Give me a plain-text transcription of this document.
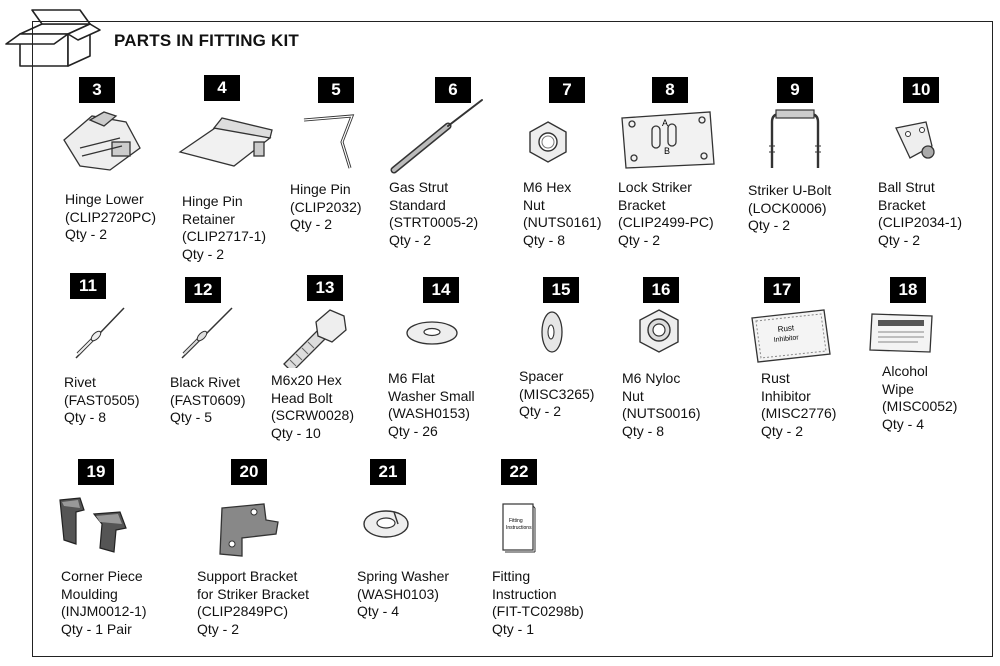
PARTS IN FITTING KIT
3
Hinge Lower
(CLIP2720PC)
Qty - 2
4
Hinge Pin
Retainer
(CLIP2717-1)
Qty - 2
5
Hinge Pin
(CLIP2032)
Qty - 2
6
Gas Strut
Standard
(STRT0005-2)
Qty - 2
7
M6 Hex
Nut
(NUTS0161)
Qty - 8
8
A
B
Lock Striker
Bracket
(CLIP2499-PC)
Qty - 2
9
Striker U-Bolt
(LOCK0006)
Qty - 2
10
Ball Strut
Bracket
(CLIP2034-1)
Qty - 2
11
Rivet
(FAST0505)
Qty - 8
12
Black Rivet
(FAST0609)
Qty - 5
13
M6x20 Hex
Head Bolt
(SCRW0028)
Qty - 10
14
M6 Flat
Washer Small
(WASH0153)
Qty - 26
15
Spacer
(MISC3265)
Qty - 2
16
M6 Nyloc
Nut
(NUTS0016)
Qty - 8
17
Rust
Inhibitor
Rust
Inhibitor
(MISC2776)
Qty - 2
18
Alcohol
Wipe
(MISC0052)
Qty - 4
19
Corner Piece
Moulding
(INJM0012-1)
Qty - 1 Pair
20
Support Bracket
for Striker Bracket
(CLIP2849PC)
Qty - 2
21
Spring Washer
(WASH0103)
Qty - 4
22
Fitting
Instructions
Fitting
Instruction
(FIT-TC0298b)
Qty - 1
